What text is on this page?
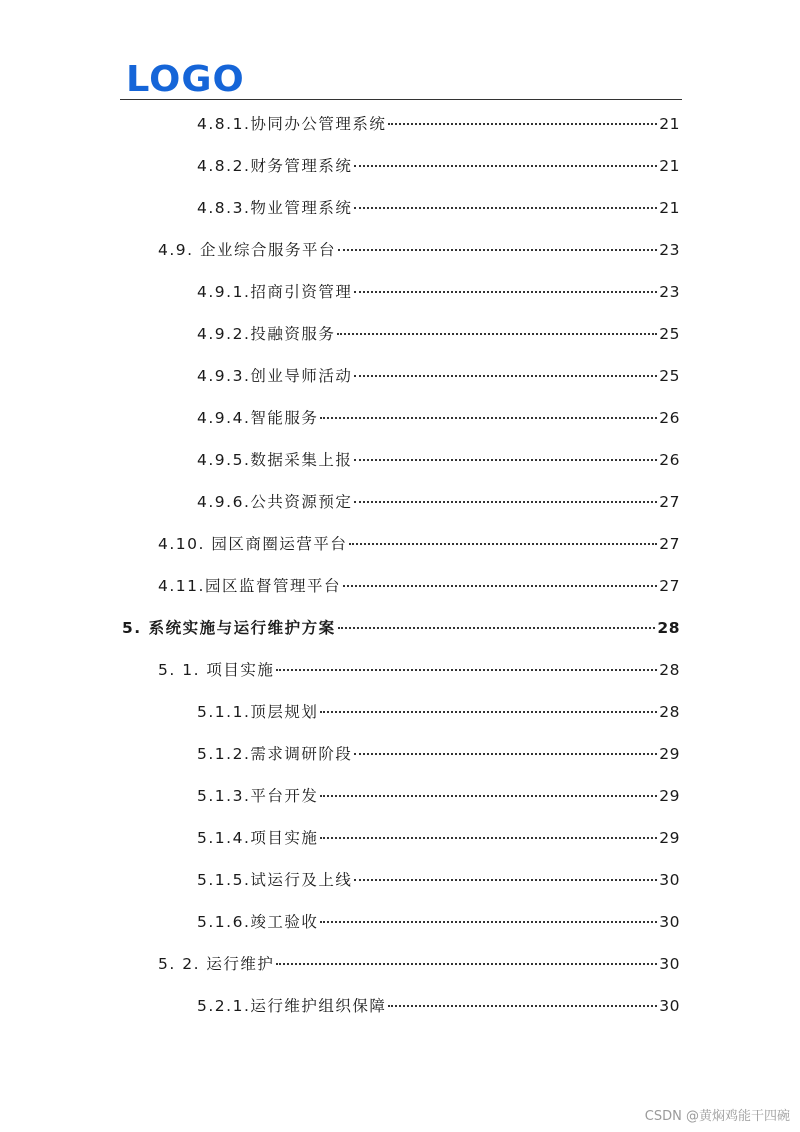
LOGO
4.8.1.协同办公管理系统	21
4.8.2.财务管理系统	21
4.8.3.物业管理系统	21
4.9. 企业综合服务平台	23
4.9.1.招商引资管理	23
4.9.2.投融资服务	25
4.9.3.创业导师活动	25
4.9.4.智能服务	26
4.9.5.数据采集上报	26
4.9.6.公共资源预定	27
4.10. 园区商圈运营平台	27
4.11.园区监督管理平台	27
5. 系统实施与运行维护方案	28
5. 1. 项目实施	28
5.1.1.顶层规划	28
5.1.2.需求调研阶段	29
5.1.3.平台开发	29
5.1.4.项目实施	29
5.1.5.试运行及上线	30
5.1.6.竣工验收	30
5. 2. 运行维护	30
5.2.1.运行维护组织保障	30
CSDN @黄焖鸡能干四碗
